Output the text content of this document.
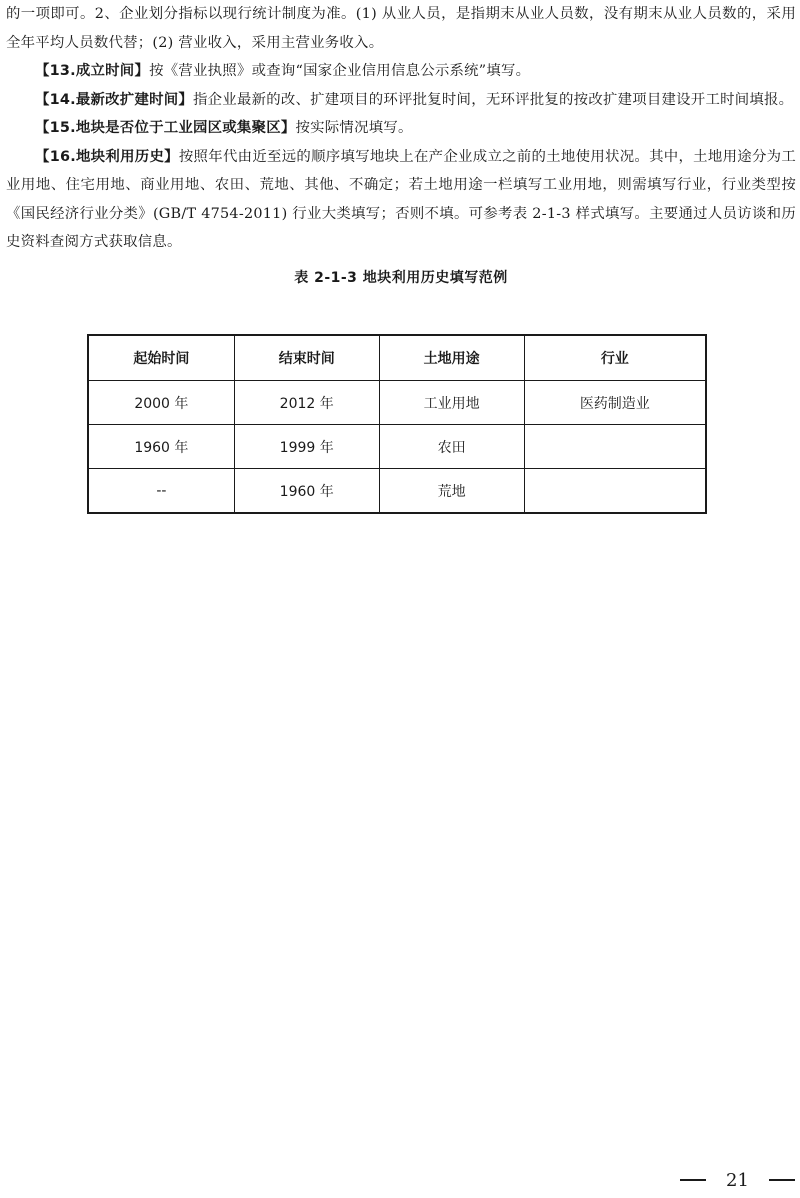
的一项即可。2、企业划分指标以现行统计制度为准。(1) 从业人员，是指期末从业人员数，没有期末从业人员数的，采用全年平均人员数代替；(2) 营业收入，采用主营业务收入。

【13.成立时间】按《营业执照》或查询“国家企业信用信息公示系统”填写。

【14.最新改扩建时间】指企业最新的改、扩建项目的环评批复时间，无环评批复的按改扩建项目建设开工时间填报。

【15.地块是否位于工业园区或集聚区】按实际情况填写。

【16.地块利用历史】按照年代由近至远的顺序填写地块上在产企业成立之前的土地使用状况。其中，土地用途分为工业用地、住宅用地、商业用地、农田、荒地、其他、不确定；若土地用途一栏填写工业用地，则需填写行业，行业类型按《国民经济行业分类》(GB/T 4754-2011) 行业大类填写；否则不填。可参考表 2-1-3 样式填写。主要通过人员访谈和历史资料查阅方式获取信息。

表 2-1-3 地块利用历史填写范例
起始时间	结束时间	土地用途	行业
2000 年	2012 年	工业用地	医药制造业
1960 年	1999 年	农田	
--	1960 年	荒地	
21
